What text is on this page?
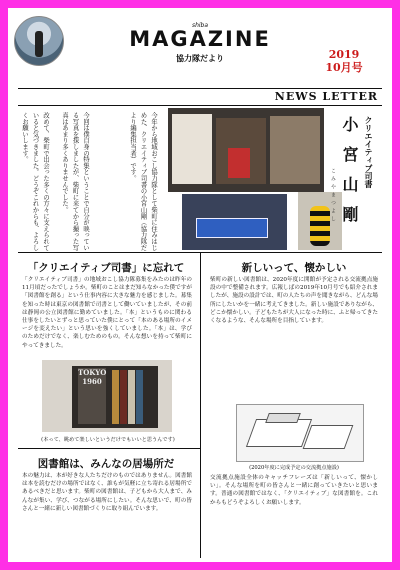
shiba
MAGAZINE
協力隊だより	2019
10月号
NEWS LETTER
今年から地域おこし協力隊として柴町に住みはじめた、クリエイティブ司書の小宮山剛（協力隊だより編集担当者）です。
今回は僕自身の特集ということで自分が映っている写真を探しましたが、柴町に来てから撮った写真はあまり多くありませんでした。
改めて、柴町で出会った多くの方々に支えられていると気づきました。どうぞこれからも、よろしくお願いします。	クリエイティブ司書
小宮山剛
こみやまつよし
「クリエイティブ司書」に忘れて
「クリエイティブ司書」の地域おこし協力隊募集をみたのは昨年の11月頃だったでしょうか。柴町のことはまだ知らなかった僕ですが「図書館を創る」という仕事内容に大きな魅力を感じました。募集を知った時は東京の図書館で司書として働いていましたが、その前は静岡の公立図書館に勤めていました。「本」というものに関わる仕事をしたいとずっと思っていた僕にとって「本のある場所のイメージを変えたい」という思いを強くしていました。「本」は、学びのためだけでなく、楽しむためのもの。そんな想いを持って柴町にやってきました。
TOKYO 1960
(本って、眺めて楽しいというだけでもいいと思うんです)
図書館は、みんなの居場所だ
本の魅力は、本が好きな人たちだけのものではありません。図書館は本を読むだけの場所ではなく、誰もが気軽に立ち寄れる居場所であるべきだと思います。柴町の図書館は、子どもから大人まで、みんなが集い、学び、つながる場所にしたい。そんな思いで、町の皆さんと一緒に新しい図書館づくりに取り組んでいます。
新しいって、懐かしい
柴町の新しい図書館は、2020年度に開館が予定される交流拠点施設の中で整備されます。広報しばの2019年10月号でも紹介されましたが、施設の設計では、町の人たちの声を聞きながら、どんな場所にしたいかを一緒に考えてきました。新しい施設でありながら、どこか懐かしい。子どもたちが大人になった時に、ふと帰ってきたくなるような、そんな場所を目指しています。
(2020年度に完成予定の交流拠点施設)
交流拠点施設全体のキャッチフレーズは「新しいって、懐かしい」。そんな場所を町の皆さんと一緒に創っていきたいと思います。普通の図書館ではなく、「クリエイティブ」な図書館を。これからもどうぞよろしくお願いします。
